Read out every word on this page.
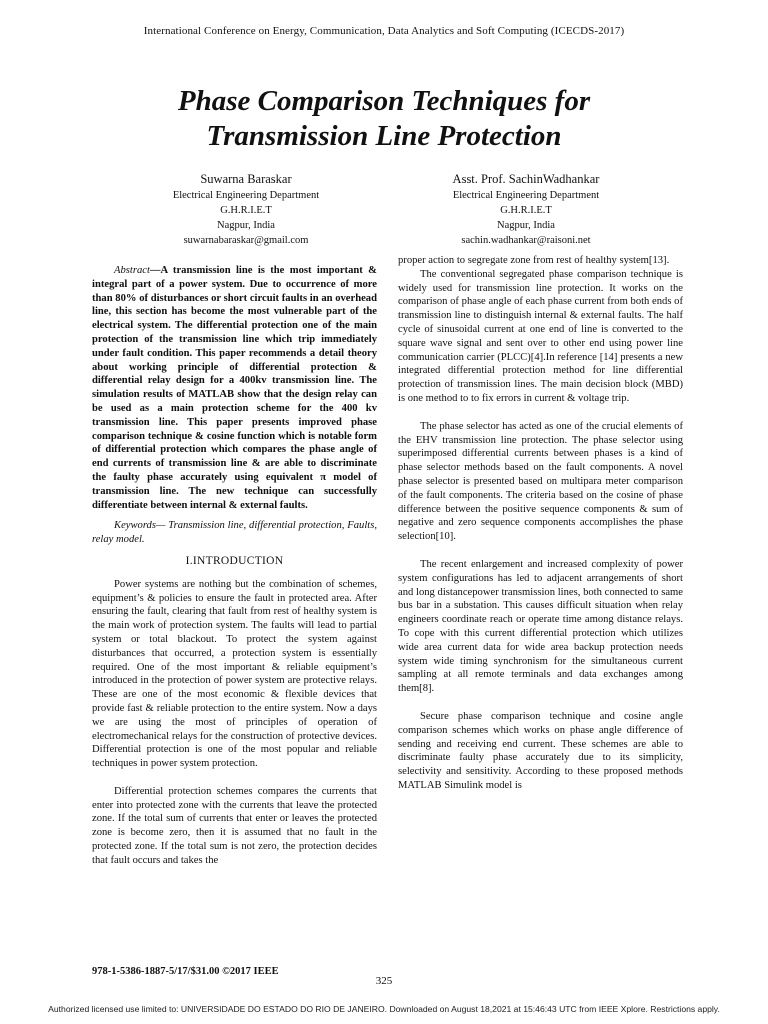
International Conference on Energy, Communication, Data Analytics and Soft Computing (ICECDS-2017)
Phase Comparison Techniques for
Transmission Line Protection
Suwarna Baraskar
Electrical Engineering Department
G.H.R.I.E.T
Nagpur, India
suwarnabaraskar@gmail.com
Asst. Prof. SachinWadhankar
Electrical Engineering Department
G.H.R.I.E.T
Nagpur, India
sachin.wadhankar@raisoni.net

Abstract—A transmission line is the most important & integral part of a power system. Due to occurrence of more than 80% of disturbances or short circuit faults in an overhead line, this section has become the most vulnerable part of the electrical system. The differential protection one of the main protection of the transmission line which trip immediately under fault condition. This paper recommends a detail theory about working principle of differential protection & differential relay design for a 400kv transmission line. The simulation results of MATLAB show that the design relay can be used as a main protection scheme for the 400 kv transmission line. This paper presents improved phase comparison technique & cosine function which is notable form of differential protection which compares the phase angle of end currents of transmission line & are able to discriminate the faulty phase accurately using equivalent π model of transmission line. The new technique can successfully differentiate between internal & external faults.

Keywords— Transmission line, differential protection, Faults, relay model.

I.INTRODUCTION

Power systems are nothing but the combination of schemes, equipment’s & policies to ensure the fault in protected area. After ensuring the fault, clearing that fault from rest of healthy system is the main work of protection system. The faults will lead to partial system or total blackout. To protect the system against disturbances that occurred, a protection system is essentially required. One of the most important & reliable equipment’s introduced in the protection of power system are protective relays. These are one of the most economic & flexible devices that provide fast & reliable protection to the entire system. Now a days we are using the most of principles of operation of electromechanical relays for the construction of protective devices. Differential protection is one of the most popular and reliable techniques in power system protection.

Differential protection schemes compares the currents that enter into protected zone with the currents that leave the protected zone. If the total sum of currents that enter or leaves the protected zone is become zero, then it is assumed that no fault in the protected zone. If the total sum is not zero, the protection decides that fault occurs and takes the

proper action to segregate zone from rest of healthy system[13].

The conventional segregated phase comparison technique is widely used for transmission line protection. It works on the comparison of phase angle of each phase current from both ends of transmission line to distinguish internal & external faults. The half cycle of sinusoidal current at one end of line is converted to the square wave signal and sent over to other end using power line communication carrier (PLCC)[4].In reference [14] presents a new integrated differential protection method for line differential protection of transmission lines. The main decision block (MBD) is one method to to fix errors in current & voltage trip.

The phase selector has acted as one of the crucial elements of the EHV transmission line protection. The phase selector using superimposed differential currents between phases is a kind of phase selector methods based on the fault components. A novel phase selector is presented based on multipara meter comparison of the fault components. The criteria based on the cosine of phase difference between the positive sequence components & sum of negative and zero sequence components accomplishes the phase selection[10].

The recent enlargement and increased complexity of power system configurations has led to adjacent arrangements of short and long distancepower transmission lines, both connected to same bus bar in a substation. This causes difficult situation when relay engineers coordinate reach or operate time among distance relays. To cope with this current differential protection which utilizes wide area current data for wide area backup protection needs system wide timing synchronism for the simultaneous current sampling at all remote terminals and data exchanges among them[8].

Secure phase comparison technique and cosine angle comparison schemes which works on phase angle difference of sending and receiving end current. These schemes are able to discriminate faulty phase accurately due to its simplicity, selectivity and sensitivity. According to these proposed methods MATLAB Simulink model is

978-1-5386-1887-5/17/$31.00 ©2017 IEEE
325
Authorized licensed use limited to: UNIVERSIDADE DO ESTADO DO RIO DE JANEIRO. Downloaded on August 18,2021 at 15:46:43 UTC from IEEE Xplore. Restrictions apply.
